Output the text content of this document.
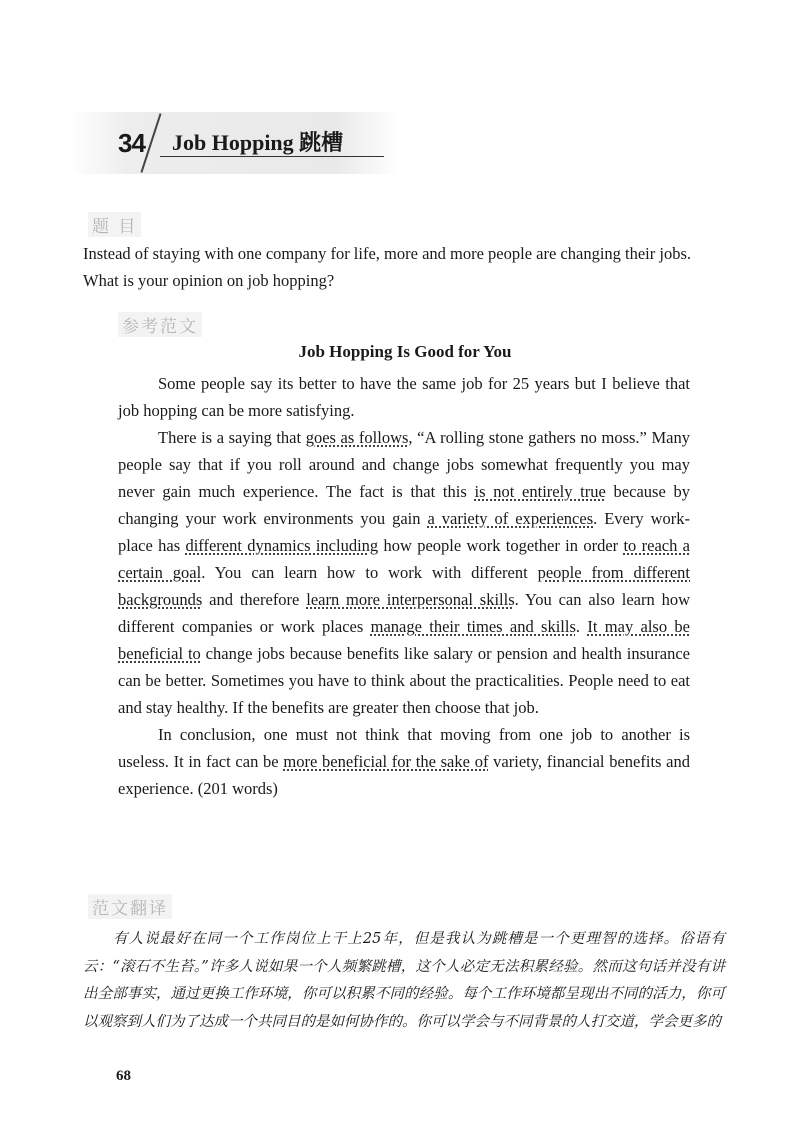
34 Job Hopping 跳槽
题 目
Instead of staying with one company for life, more and more people are changing their jobs. What is your opinion on job hopping?
参考范文
Job Hopping Is Good for You

Some people say its better to have the same job for 25 years but I believe that job hopping can be more satisfying.

There is a saying that goes as follows, “A rolling stone gathers no moss.” Many people say that if you roll around and change jobs somewhat frequently you may never gain much experience. The fact is that this is not entirely true because by changing your work environments you gain a variety of experiences. Every work-place has different dynamics including how people work together in order to reach a certain goal. You can learn how to work with different people from different backgrounds and therefore learn more interpersonal skills. You can also learn how different companies or work places manage their times and skills. It may also be beneficial to change jobs because benefits like salary or pension and health insurance can be better. Sometimes you have to think about the practicalities. People need to eat and stay healthy. If the benefits are greater then choose that job.

In conclusion, one must not think that moving from one job to another is useless. It in fact can be more beneficial for the sake of variety, financial benefits and experience. (201 words)

范文翻译

有人说最好在同一个工作岗位上干上25年，但是我认为跳槽是一个更理智的选择。俗语有云：“滚石不生苔。”许多人说如果一个人频繁跳槽，这个人必定无法积累经验。然而这句话并没有讲出全部事实，通过更换工作环境，你可以积累不同的经验。每个工作环境都呈现出不同的活力，你可以观察到人们为了达成一个共同目的是如何协作的。你可以学会与不同背景的人打交道，学会更多的

68
